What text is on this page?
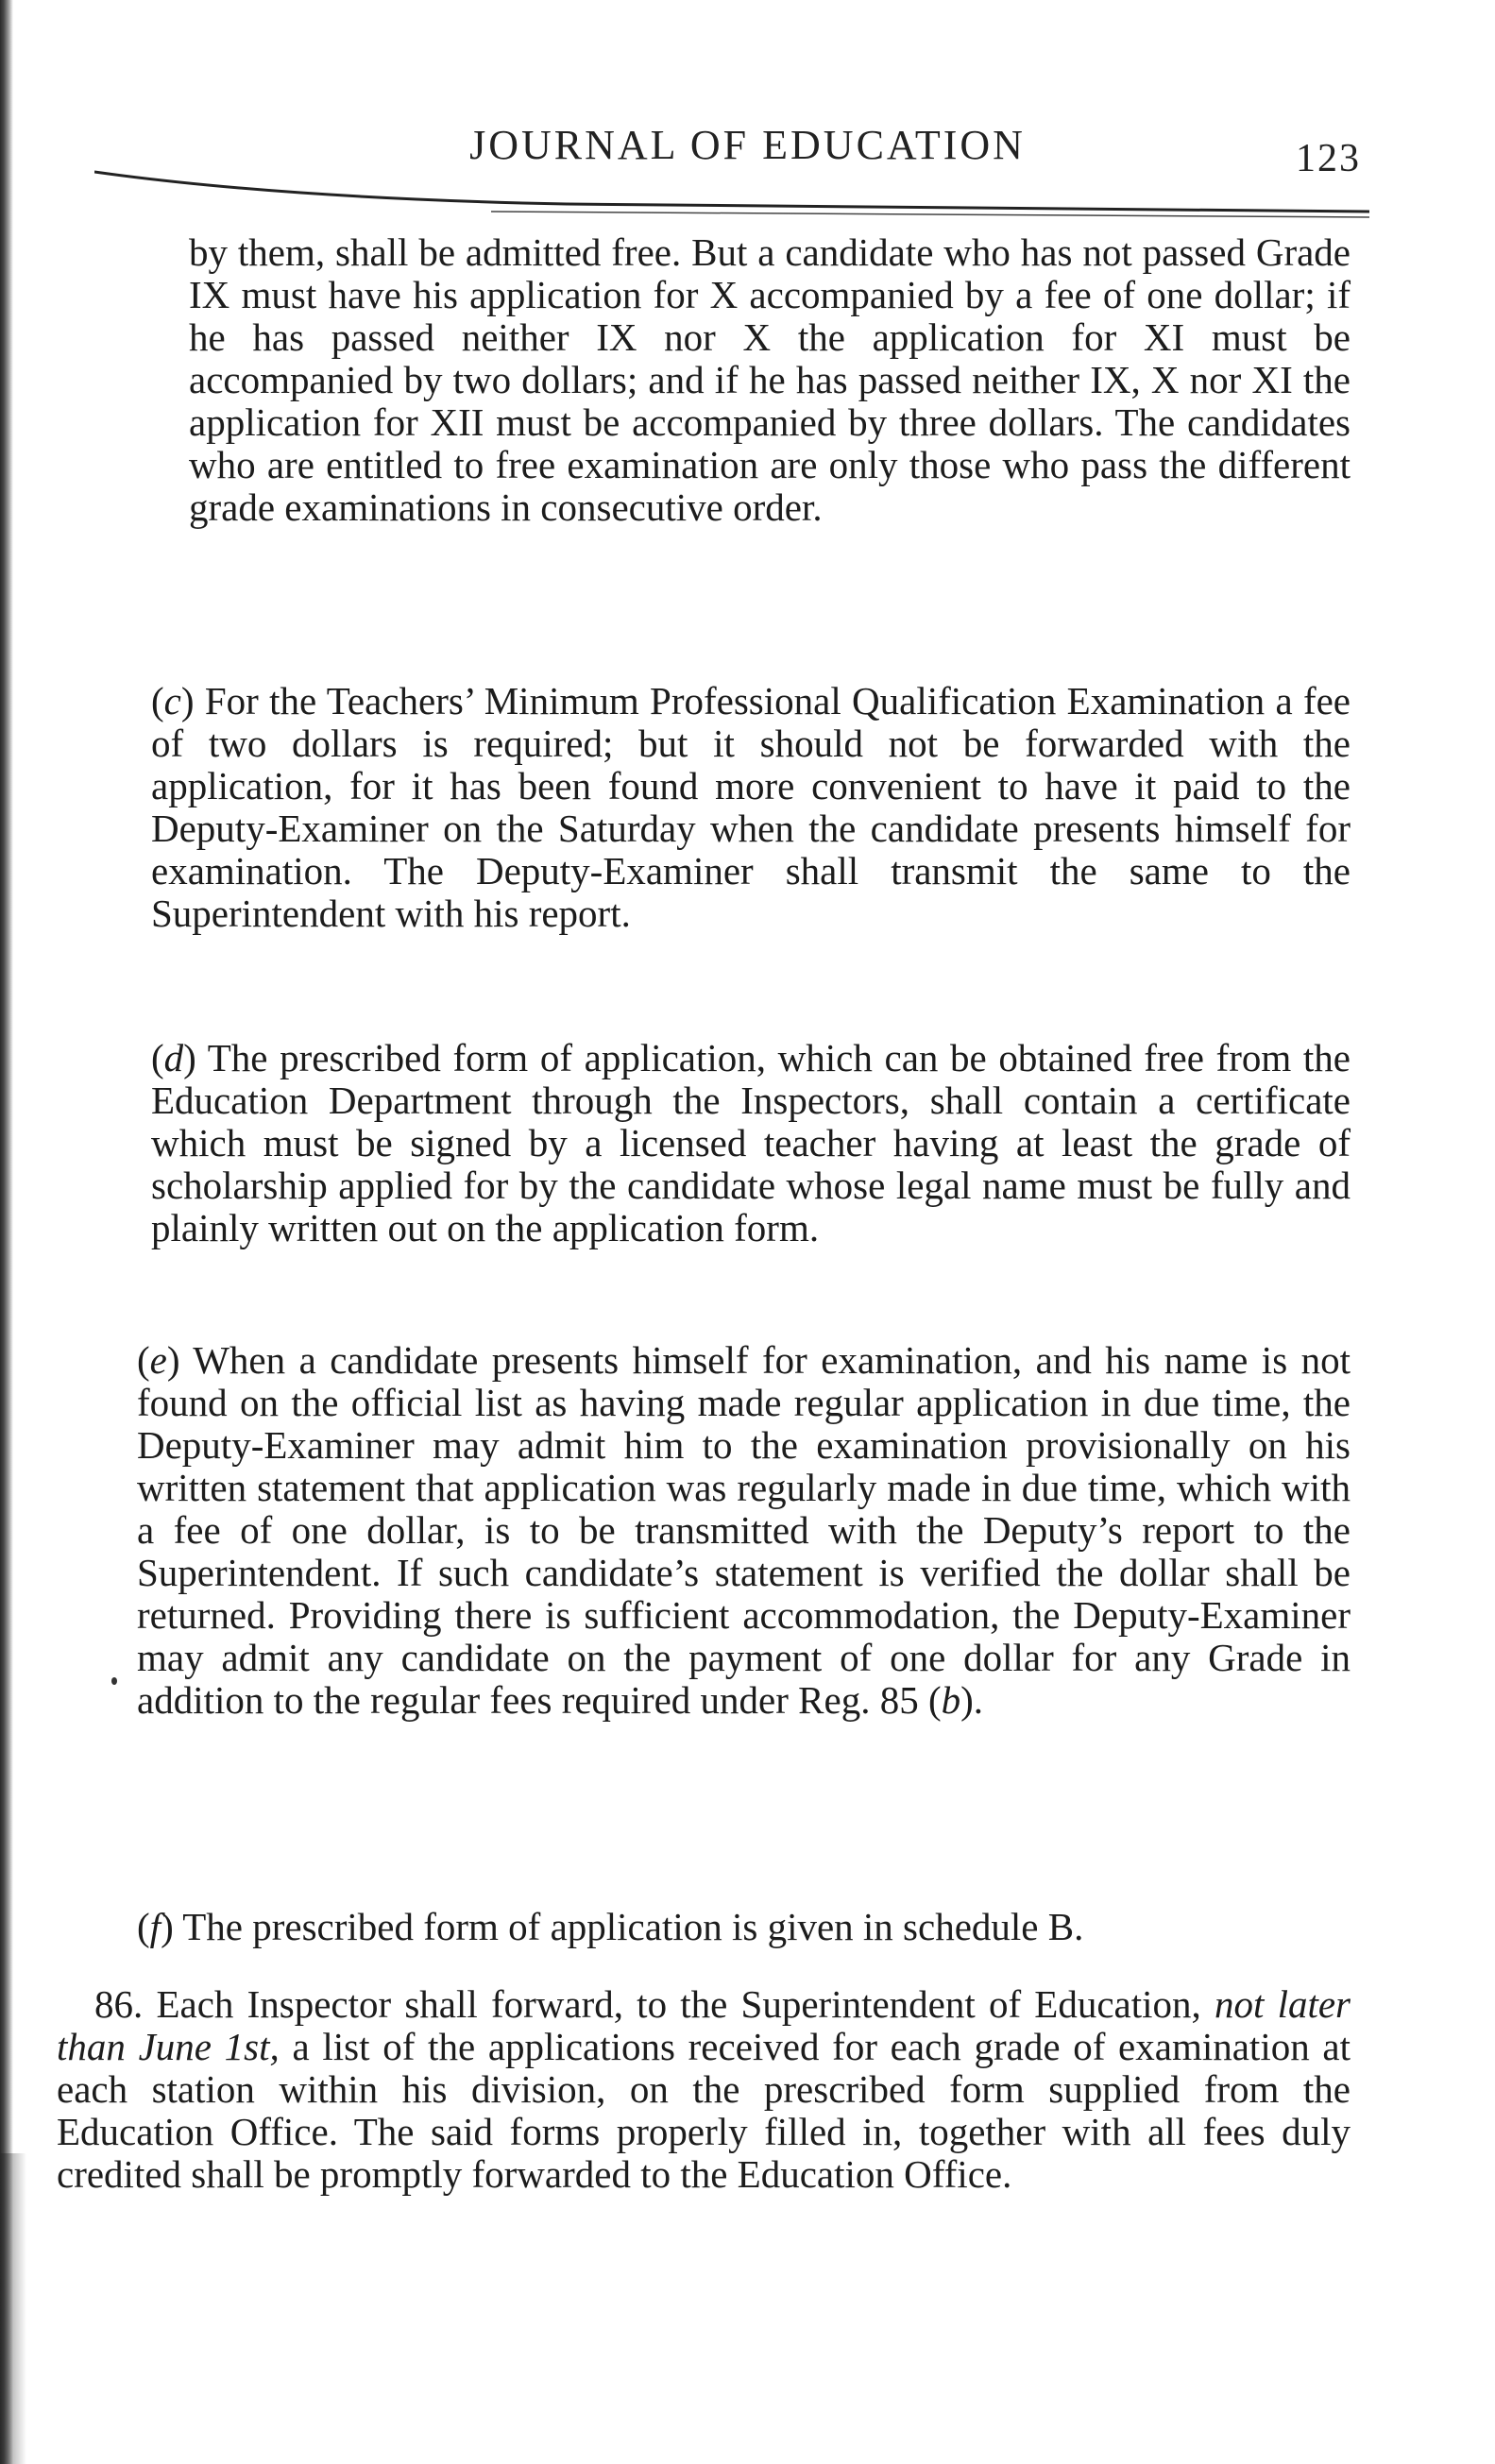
JOURNAL OF EDUCATION	123

by them, shall be admitted free. But a candidate who has not passed Grade IX must have his application for X accompanied by a fee of one dollar; if he has passed neither IX nor X the application for XI must be accompanied by two dollars; and if he has passed neither IX, X nor XI the application for XII must be accompanied by three dollars. The candidates who are entitled to free examination are only those who pass the different grade examinations in consecutive order.

(c) For the Teachers’ Minimum Professional Qualification Examination a fee of two dollars is required; but it should not be forwarded with the application, for it has been found more convenient to have it paid to the Deputy-Examiner on the Saturday when the candidate presents himself for examination. The Deputy-Examiner shall transmit the same to the Superintendent with his report.

(d) The prescribed form of application, which can be obtained free from the Education Department through the Inspectors, shall contain a certificate which must be signed by a licensed teacher having at least the grade of scholarship applied for by the candidate whose legal name must be fully and plainly written out on the application form.

(e) When a candidate presents himself for examination, and his name is not found on the official list as having made regular application in due time, the Deputy-Examiner may admit him to the examination provisionally on his written statement that application was regularly made in due time, which with a fee of one dollar, is to be transmitted with the Deputy’s report to the Superintendent. If such candidate’s statement is verified the dollar shall be returned. Providing there is sufficient accommodation, the Deputy-Examiner may admit any candidate on the payment of one dollar for any Grade in addition to the regular fees required under Reg. 85 (b).

(f) The prescribed form of application is given in schedule B.

86. Each Inspector shall forward, to the Superintendent of Education, not later than June 1st, a list of the applications received for each grade of examination at each station within his division, on the prescribed form supplied from the Education Office. The said forms properly filled in, together with all fees duly credited shall be promptly forwarded to the Education Office.
